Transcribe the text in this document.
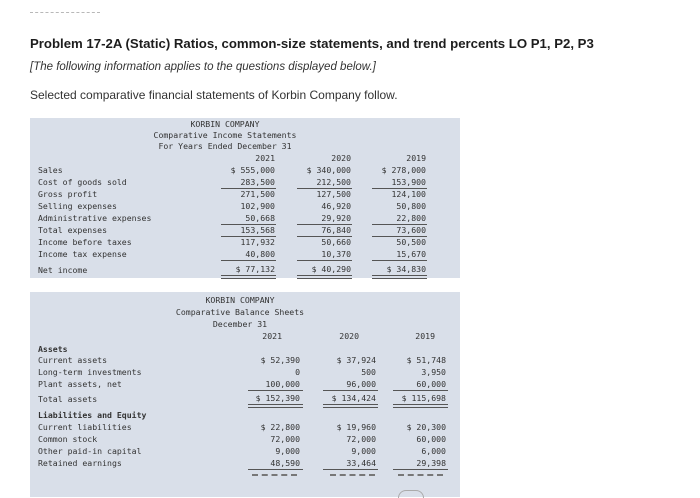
Problem 17-2A (Static) Ratios, common-size statements, and trend percents LO P1, P2, P3
[The following information applies to the questions displayed below.]
Selected comparative financial statements of Korbin Company follow.
KORBIN COMPANY
Comparative Income Statements
For Years Ended December 31
2021	2020	2019
Sales	$ 555,000	$ 340,000	$ 278,000
Cost of goods sold	283,500	212,500	153,900
Gross profit	271,500	127,500	124,100
Selling expenses	102,900	46,920	50,800
Administrative expenses	50,668	29,920	22,800
Total expenses	153,568	76,840	73,600
Income before taxes	117,932	50,660	50,500
Income tax expense	40,800	10,370	15,670
Net income	$ 77,132	$ 40,290	$ 34,830
KORBIN COMPANY
Comparative Balance Sheets
December 31
2021	2020	2019
Assets
Current assets	$ 52,390	$ 37,924	$ 51,748
Long-term investments	0	500	3,950
Plant assets, net	100,000	96,000	60,000
Total assets	$ 152,390	$ 134,424	$ 115,698
Liabilities and Equity
Current liabilities	$ 22,800	$ 19,960	$ 20,300
Common stock	72,000	72,000	60,000
Other paid-in capital	9,000	9,000	6,000
Retained earnings	48,590	33,464	29,398
